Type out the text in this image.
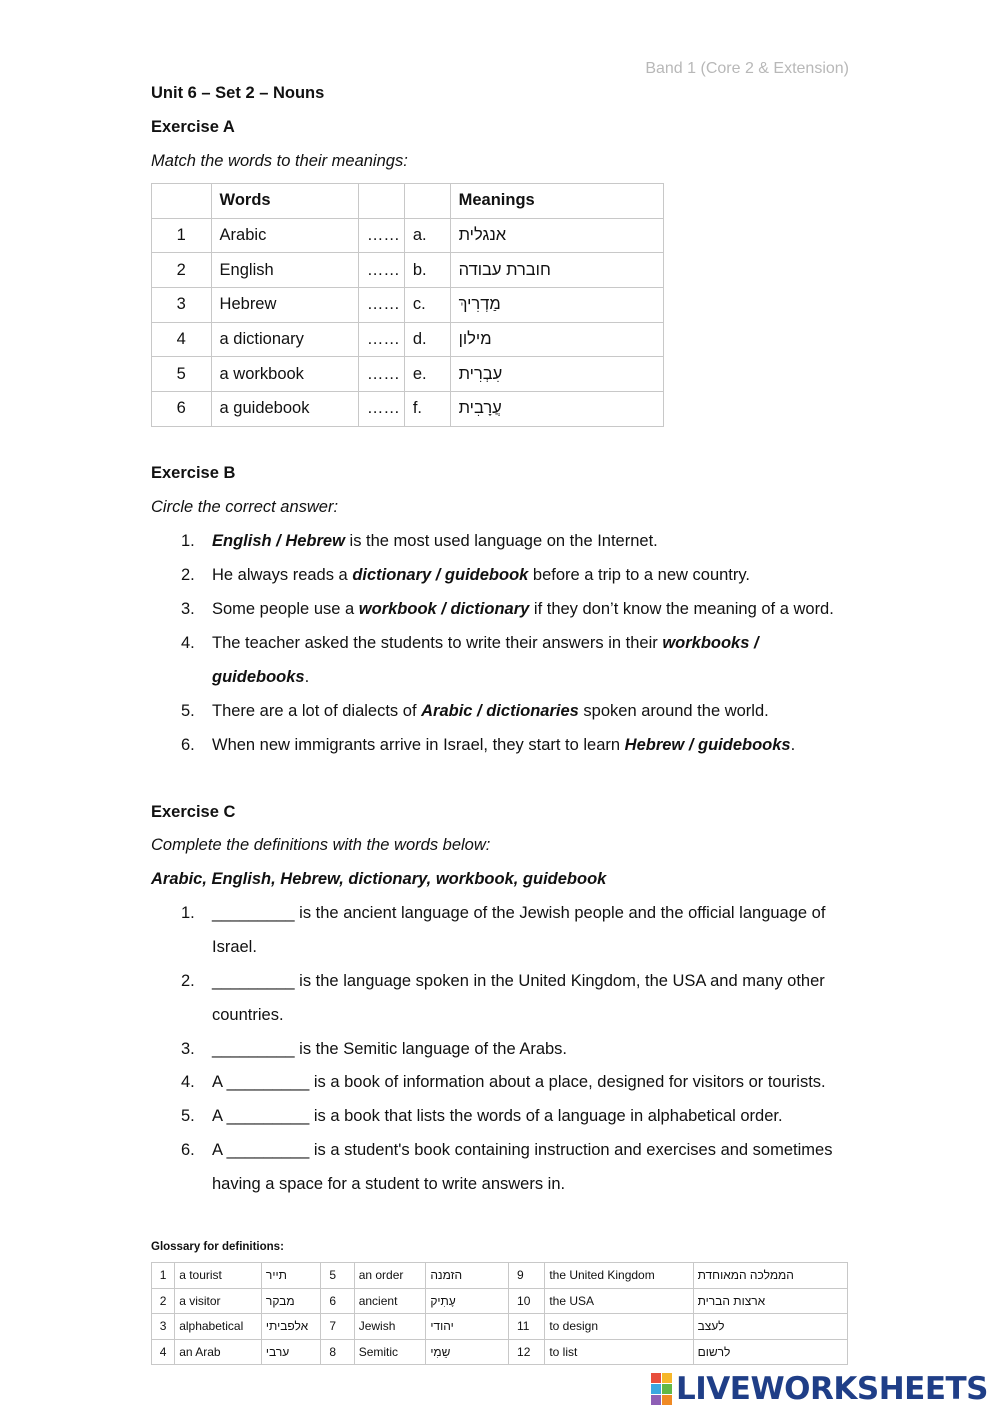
Band 1 (Core 2 & Extension)
Unit 6 – Set 2 – Nouns
Exercise A
Match the words to their meanings:
	Words			Meanings
1	Arabic	……	a.	אנגלית
2	English	……	b.	חוברת עבודה
3	Hebrew	……	c.	מַדְרִיךְ
4	a dictionary	……	d.	מילון
5	a workbook	……	e.	עִבְרִית
6	a guidebook	……	f.	עֲרָבִית
Exercise B
Circle the correct answer:
1. English / Hebrew is the most used language on the Internet.
2. He always reads a dictionary / guidebook before a trip to a new country.
3. Some people use a workbook / dictionary if they don’t know the meaning of a word.
4. The teacher asked the students to write their answers in their workbooks /
guidebooks.
5. There are a lot of dialects of Arabic / dictionaries spoken around the world.
6. When new immigrants arrive in Israel, they start to learn Hebrew / guidebooks.
Exercise C
Complete the definitions with the words below:
Arabic, English, Hebrew, dictionary, workbook, guidebook
1. _________ is the ancient language of the Jewish people and the official language of
Israel.
2. _________ is the language spoken in the United Kingdom, the USA and many other
countries.
3. _________ is the Semitic language of the Arabs.
4. A _________ is a book of information about a place, designed for visitors or tourists.
5. A _________ is a book that lists the words of a language in alphabetical order.
6. A _________ is a student's book containing instruction and exercises and sometimes
having a space for a student to write answers in.
Glossary for definitions:
1	a tourist	תייר	5	an order	הזמנה	9	the United Kingdom	הממלכה המאוחדת
2	a visitor	מבקר	6	ancient	עָתִיק	10	the USA	ארצות הברית
3	alphabetical	אלפביתי	7	Jewish	יהודי	11	to design	לעצב
4	an Arab	ערבי	8	Semitic	שֵמִי	12	to list	לרשום
LIVEWORKSHEETS
